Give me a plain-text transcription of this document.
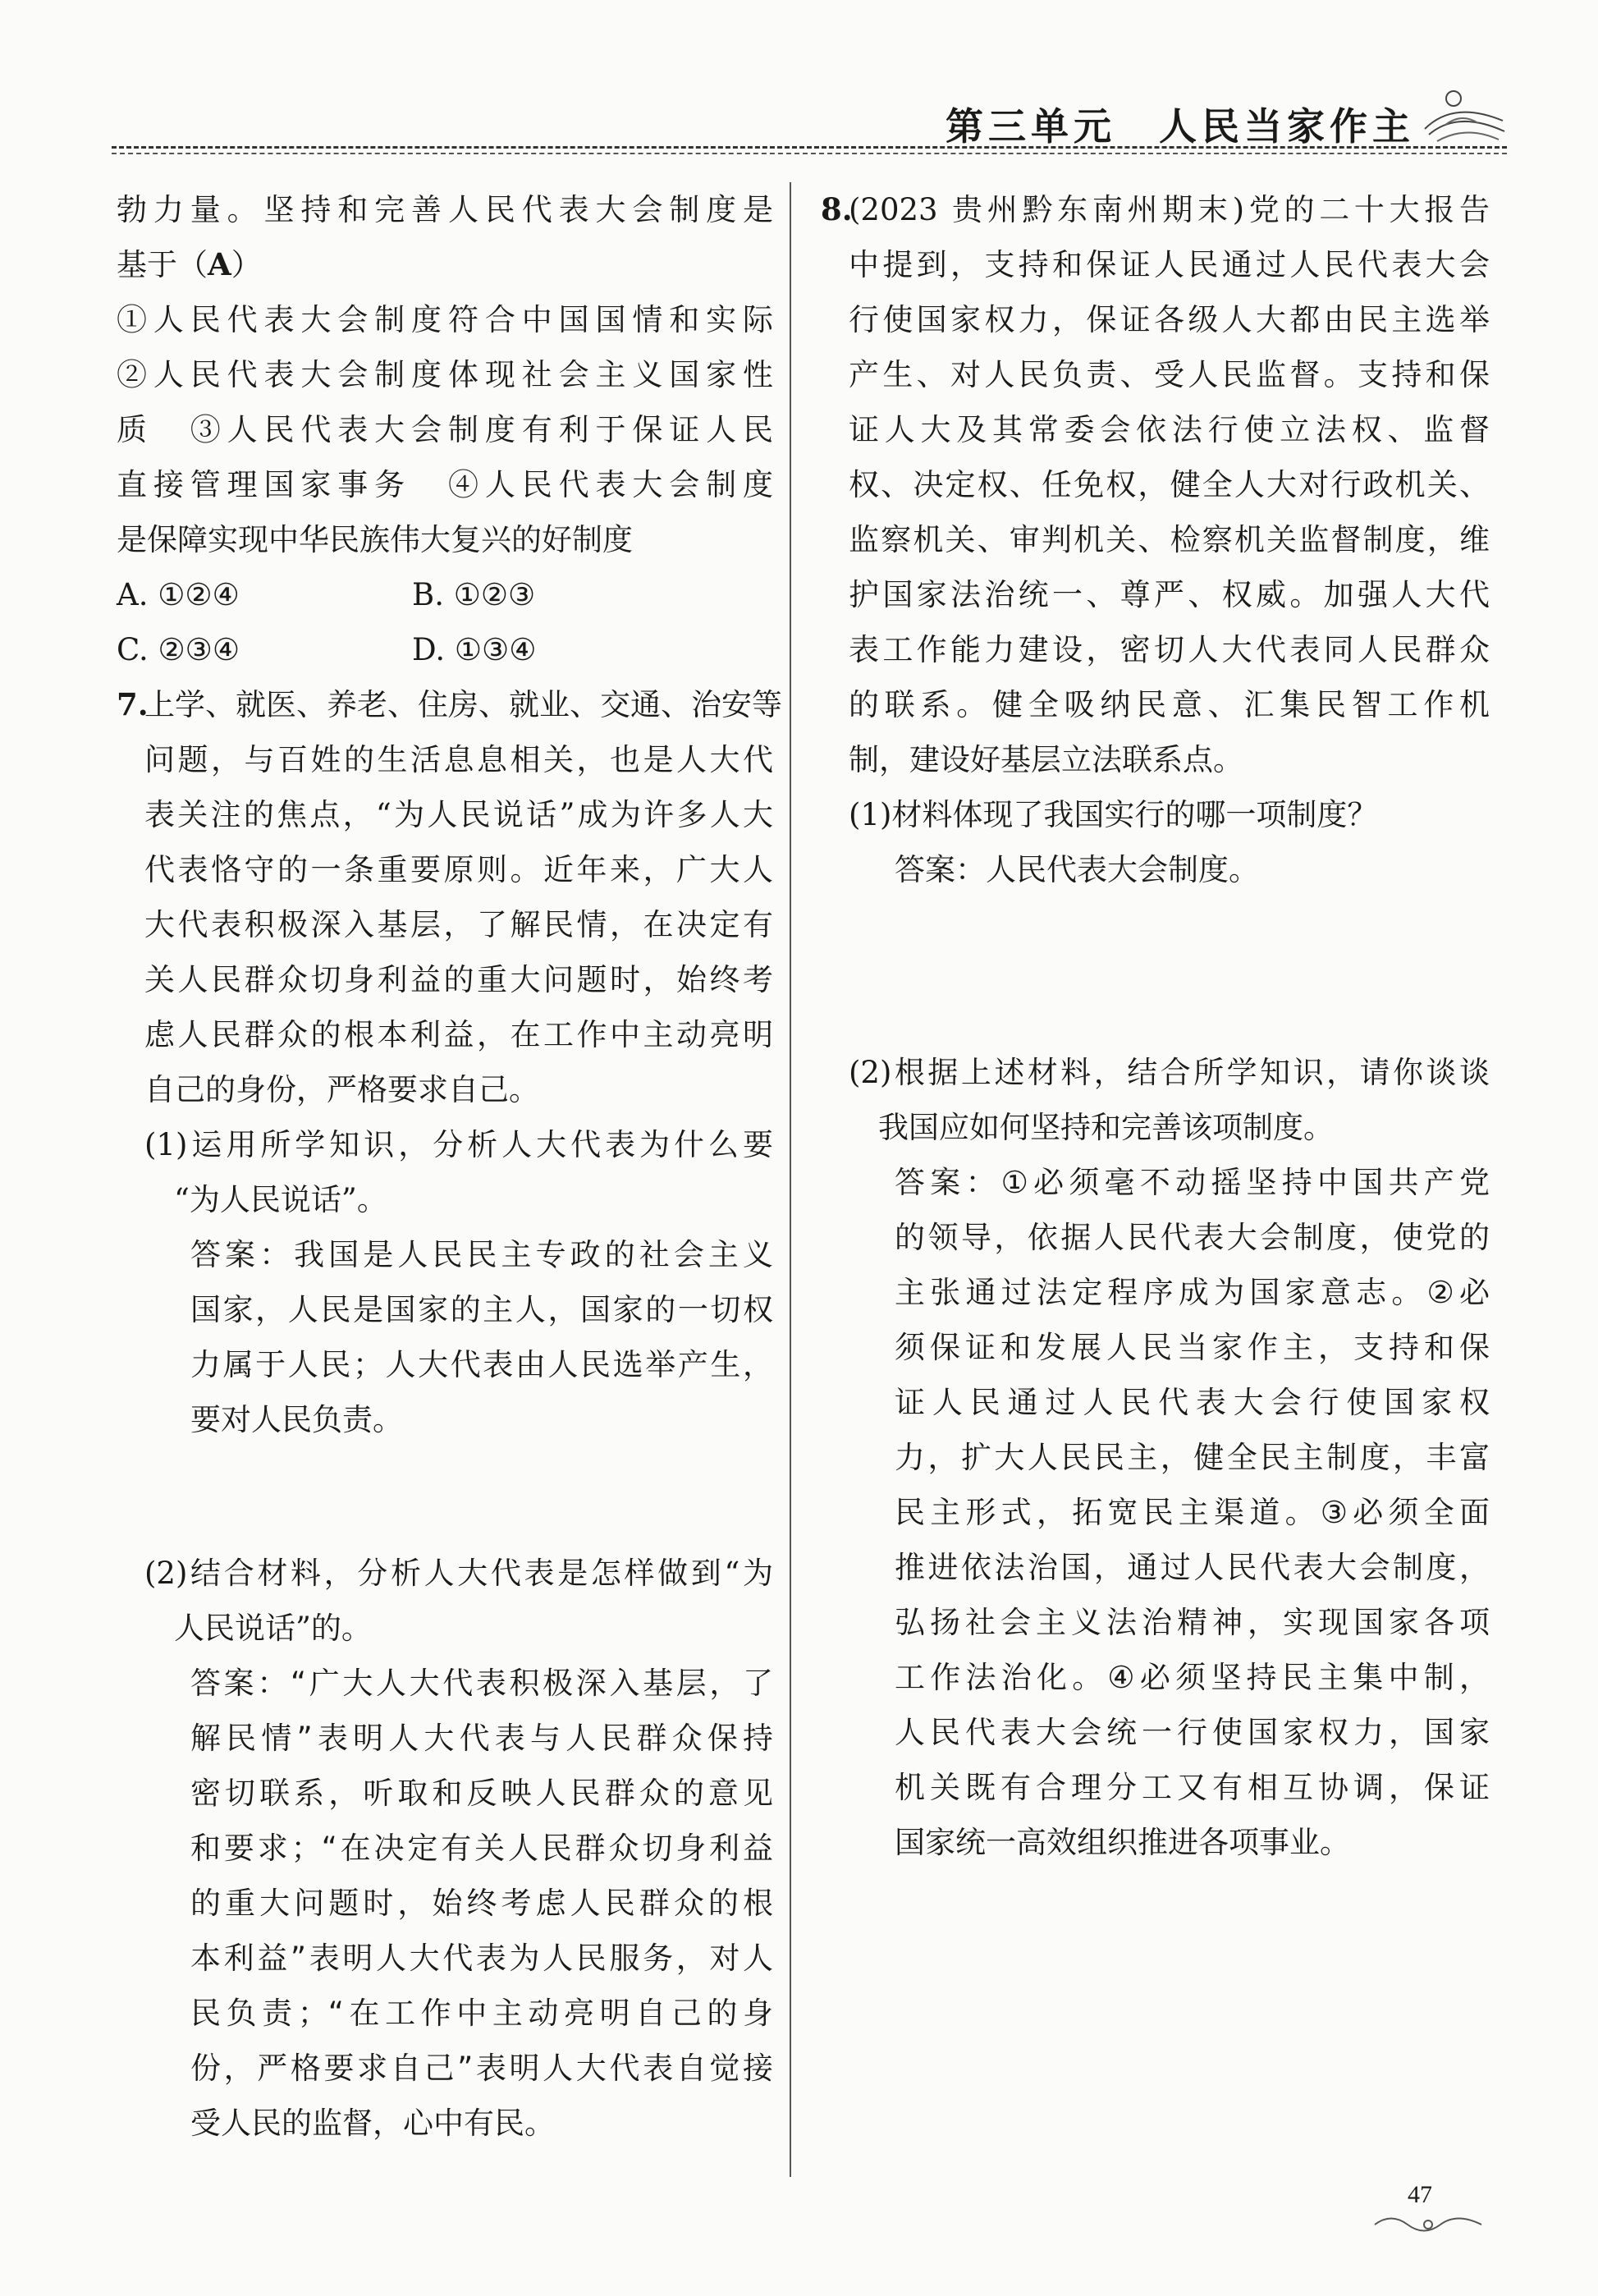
第三单元　人民当家作主
勃力量。坚持和完善人民代表大会制度是
基于（A）
①人民代表大会制度符合中国国情和实际
②人民代表大会制度体现社会主义国家性
质　③人民代表大会制度有利于保证人民
直接管理国家事务　④人民代表大会制度
是保障实现中华民族伟大复兴的好制度
A. ①②④	B. ①②③
C. ②③④	D. ①③④
7.上学、就医、养老、住房、就业、交通、治安等
问题，与百姓的生活息息相关，也是人大代
表关注的焦点，“为人民说话”成为许多人大
代表恪守的一条重要原则。近年来，广大人
大代表积极深入基层，了解民情，在决定有
关人民群众切身利益的重大问题时，始终考
虑人民群众的根本利益，在工作中主动亮明
自己的身份，严格要求自己。
(1)运用所学知识，分析人大代表为什么要
“为人民说话”。
答案：我国是人民民主专政的社会主义
国家，人民是国家的主人，国家的一切权
力属于人民；人大代表由人民选举产生，
要对人民负责。
(2)结合材料，分析人大代表是怎样做到“为
人民说话”的。
答案：“广大人大代表积极深入基层，了
解民情”表明人大代表与人民群众保持
密切联系，听取和反映人民群众的意见
和要求；“在决定有关人民群众切身利益
的重大问题时，始终考虑人民群众的根
本利益”表明人大代表为人民服务，对人
民负责；“在工作中主动亮明自己的身
份，严格要求自己”表明人大代表自觉接
受人民的监督，心中有民。
8.(2023 贵州黔东南州期末)党的二十大报告
中提到，支持和保证人民通过人民代表大会
行使国家权力，保证各级人大都由民主选举
产生、对人民负责、受人民监督。支持和保
证人大及其常委会依法行使立法权、监督
权、决定权、任免权，健全人大对行政机关、
监察机关、审判机关、检察机关监督制度，维
护国家法治统一、尊严、权威。加强人大代
表工作能力建设，密切人大代表同人民群众
的联系。健全吸纳民意、汇集民智工作机
制，建设好基层立法联系点。
(1)材料体现了我国实行的哪一项制度？
答案：人民代表大会制度。
(2)根据上述材料，结合所学知识，请你谈谈
我国应如何坚持和完善该项制度。
答案：①必须毫不动摇坚持中国共产党
的领导，依据人民代表大会制度，使党的
主张通过法定程序成为国家意志。②必
须保证和发展人民当家作主，支持和保
证人民通过人民代表大会行使国家权
力，扩大人民民主，健全民主制度，丰富
民主形式，拓宽民主渠道。③必须全面
推进依法治国，通过人民代表大会制度，
弘扬社会主义法治精神，实现国家各项
工作法治化。④必须坚持民主集中制，
人民代表大会统一行使国家权力，国家
机关既有合理分工又有相互协调，保证
国家统一高效组织推进各项事业。
47
